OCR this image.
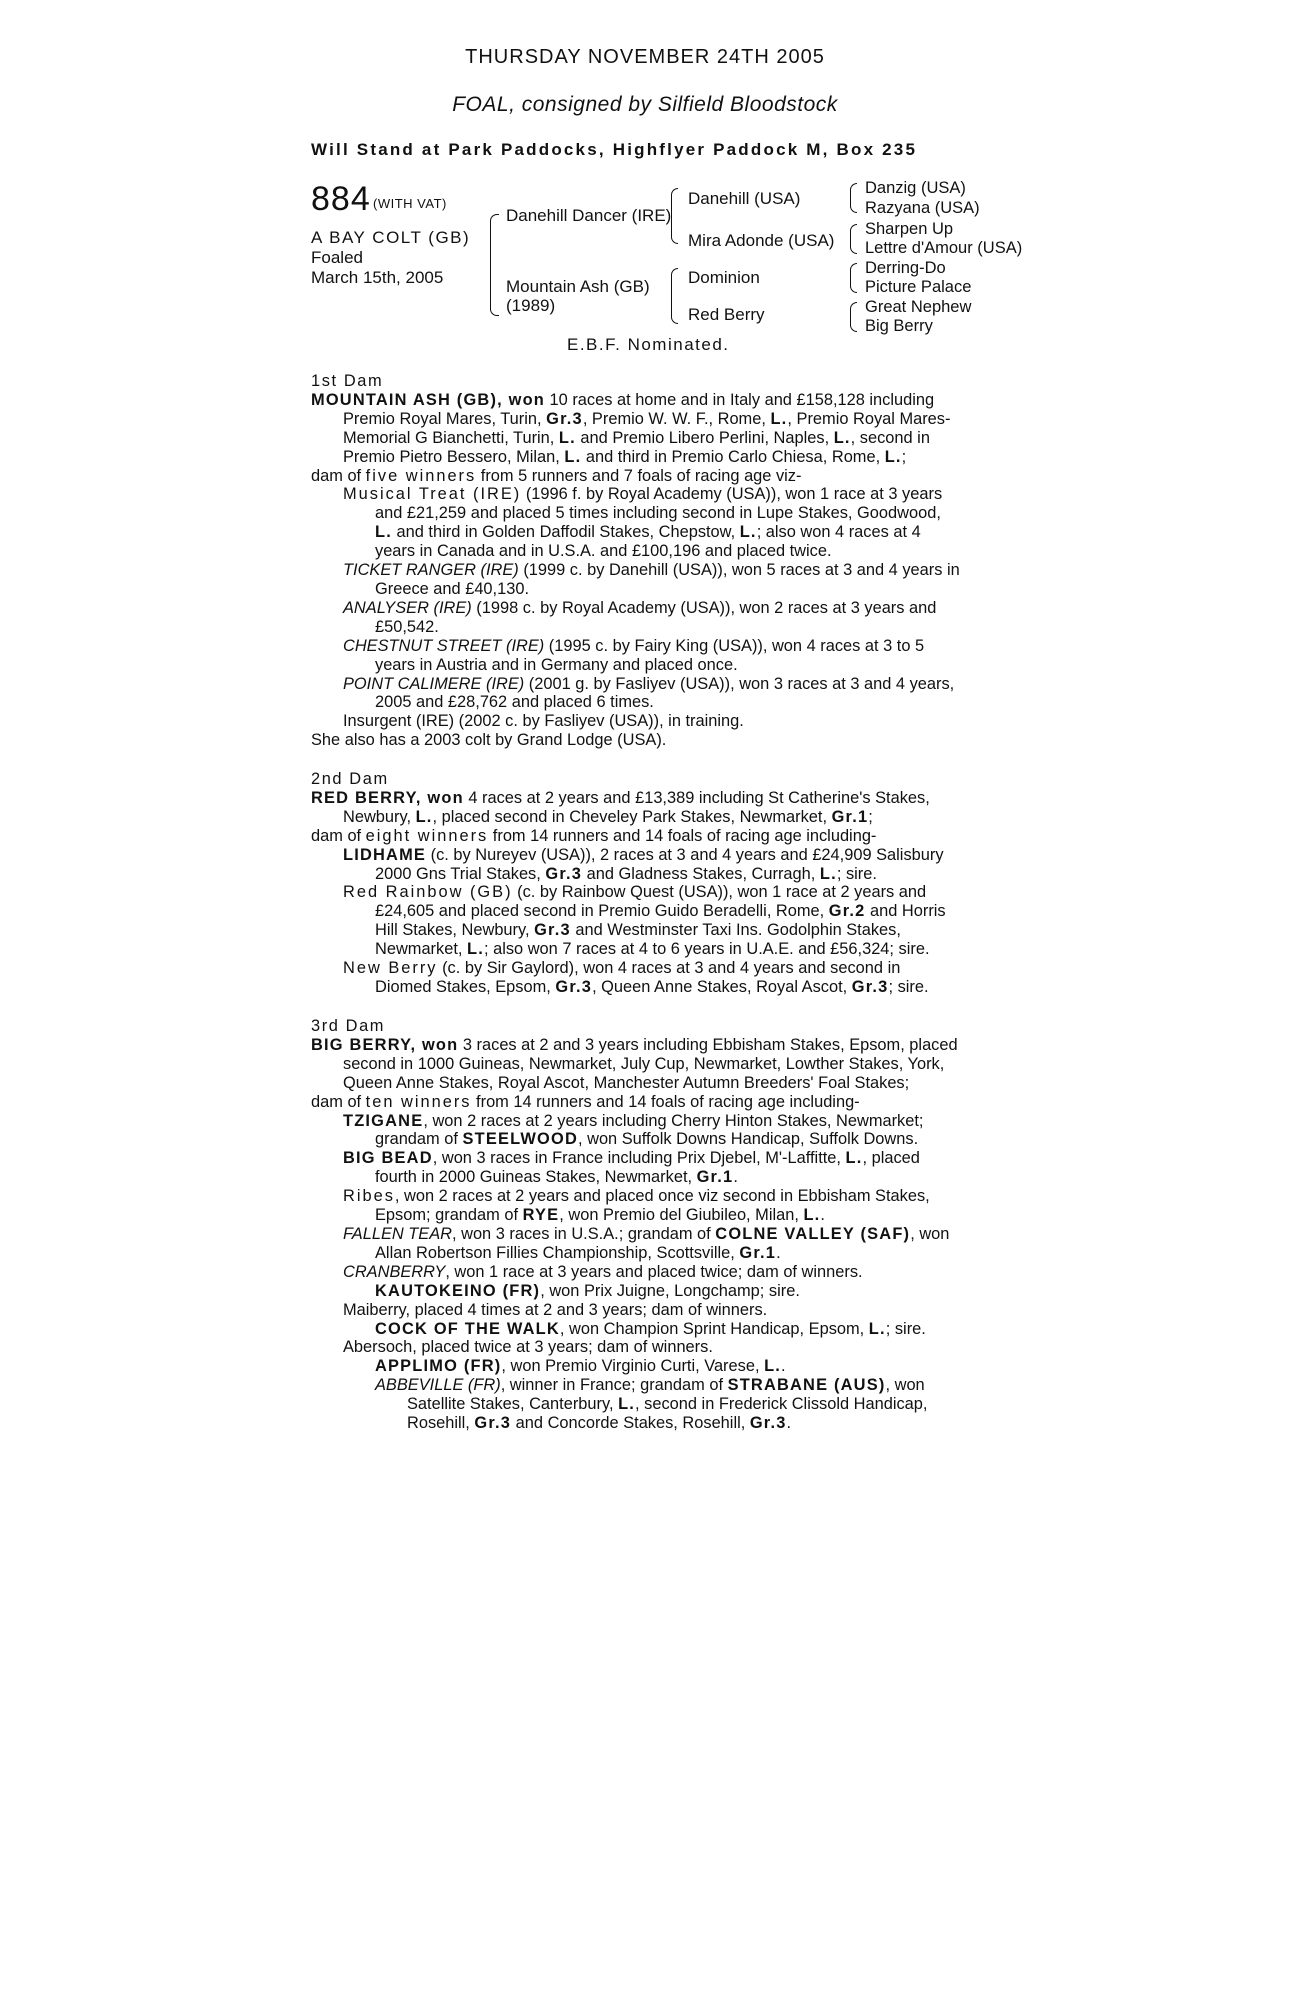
THURSDAY NOVEMBER 24TH 2005
FOAL, consigned by Silfield Bloodstock
Will Stand at Park Paddocks, Highflyer Paddock M, Box 235
884 (WITH VAT)
A BAY COLT (GB)
Foaled
March 15th, 2005
Danehill Dancer (IRE)
Mountain Ash (GB)
(1989)
Danehill (USA)
Mira Adonde (USA)
Dominion
Red Berry
Danzig (USA)
Razyana (USA)
Sharpen Up
Lettre d'Amour (USA)
Derring-Do
Picture Palace
Great Nephew
Big Berry
E.B.F. Nominated.
1st Dam
MOUNTAIN ASH (GB), won 10 races at home and in Italy and £158,128 including
Premio Royal Mares, Turin, Gr.3, Premio W. W. F., Rome, L., Premio Royal Mares-
Memorial G Bianchetti, Turin, L. and Premio Libero Perlini, Naples, L., second in
Premio Pietro Bessero, Milan, L. and third in Premio Carlo Chiesa, Rome, L.;
dam of five winners from 5 runners and 7 foals of racing age viz-
Musical Treat (IRE) (1996 f. by Royal Academy (USA)), won 1 race at 3 years
and £21,259 and placed 5 times including second in Lupe Stakes, Goodwood,
L. and third in Golden Daffodil Stakes, Chepstow, L.; also won 4 races at 4
years in Canada and in U.S.A. and £100,196 and placed twice.
TICKET RANGER (IRE) (1999 c. by Danehill (USA)), won 5 races at 3 and 4 years in
Greece and £40,130.
ANALYSER (IRE) (1998 c. by Royal Academy (USA)), won 2 races at 3 years and
£50,542.
CHESTNUT STREET (IRE) (1995 c. by Fairy King (USA)), won 4 races at 3 to 5
years in Austria and in Germany and placed once.
POINT CALIMERE (IRE) (2001 g. by Fasliyev (USA)), won 3 races at 3 and 4 years,
2005 and £28,762 and placed 6 times.
Insurgent (IRE) (2002 c. by Fasliyev (USA)), in training.
She also has a 2003 colt by Grand Lodge (USA).
2nd Dam
RED BERRY, won 4 races at 2 years and £13,389 including St Catherine's Stakes,
Newbury, L., placed second in Cheveley Park Stakes, Newmarket, Gr.1;
dam of eight winners from 14 runners and 14 foals of racing age including-
LIDHAME (c. by Nureyev (USA)), 2 races at 3 and 4 years and £24,909 Salisbury
2000 Gns Trial Stakes, Gr.3 and Gladness Stakes, Curragh, L.; sire.
Red Rainbow (GB) (c. by Rainbow Quest (USA)), won 1 race at 2 years and
£24,605 and placed second in Premio Guido Beradelli, Rome, Gr.2 and Horris
Hill Stakes, Newbury, Gr.3 and Westminster Taxi Ins. Godolphin Stakes,
Newmarket, L.; also won 7 races at 4 to 6 years in U.A.E. and £56,324; sire.
New Berry (c. by Sir Gaylord), won 4 races at 3 and 4 years and second in
Diomed Stakes, Epsom, Gr.3, Queen Anne Stakes, Royal Ascot, Gr.3; sire.
3rd Dam
BIG BERRY, won 3 races at 2 and 3 years including Ebbisham Stakes, Epsom, placed
second in 1000 Guineas, Newmarket, July Cup, Newmarket, Lowther Stakes, York,
Queen Anne Stakes, Royal Ascot, Manchester Autumn Breeders' Foal Stakes;
dam of ten winners from 14 runners and 14 foals of racing age including-
TZIGANE, won 2 races at 2 years including Cherry Hinton Stakes, Newmarket;
grandam of STEELWOOD, won Suffolk Downs Handicap, Suffolk Downs.
BIG BEAD, won 3 races in France including Prix Djebel, M'-Laffitte, L., placed
fourth in 2000 Guineas Stakes, Newmarket, Gr.1.
Ribes, won 2 races at 2 years and placed once viz second in Ebbisham Stakes,
Epsom; grandam of RYE, won Premio del Giubileo, Milan, L..
FALLEN TEAR, won 3 races in U.S.A.; grandam of COLNE VALLEY (SAF), won
Allan Robertson Fillies Championship, Scottsville, Gr.1.
CRANBERRY, won 1 race at 3 years and placed twice; dam of winners.
KAUTOKEINO (FR), won Prix Juigne, Longchamp; sire.
Maiberry, placed 4 times at 2 and 3 years; dam of winners.
COCK OF THE WALK, won Champion Sprint Handicap, Epsom, L.; sire.
Abersoch, placed twice at 3 years; dam of winners.
APPLIMO (FR), won Premio Virginio Curti, Varese, L..
ABBEVILLE (FR), winner in France; grandam of STRABANE (AUS), won
Satellite Stakes, Canterbury, L., second in Frederick Clissold Handicap,
Rosehill, Gr.3 and Concorde Stakes, Rosehill, Gr.3.
